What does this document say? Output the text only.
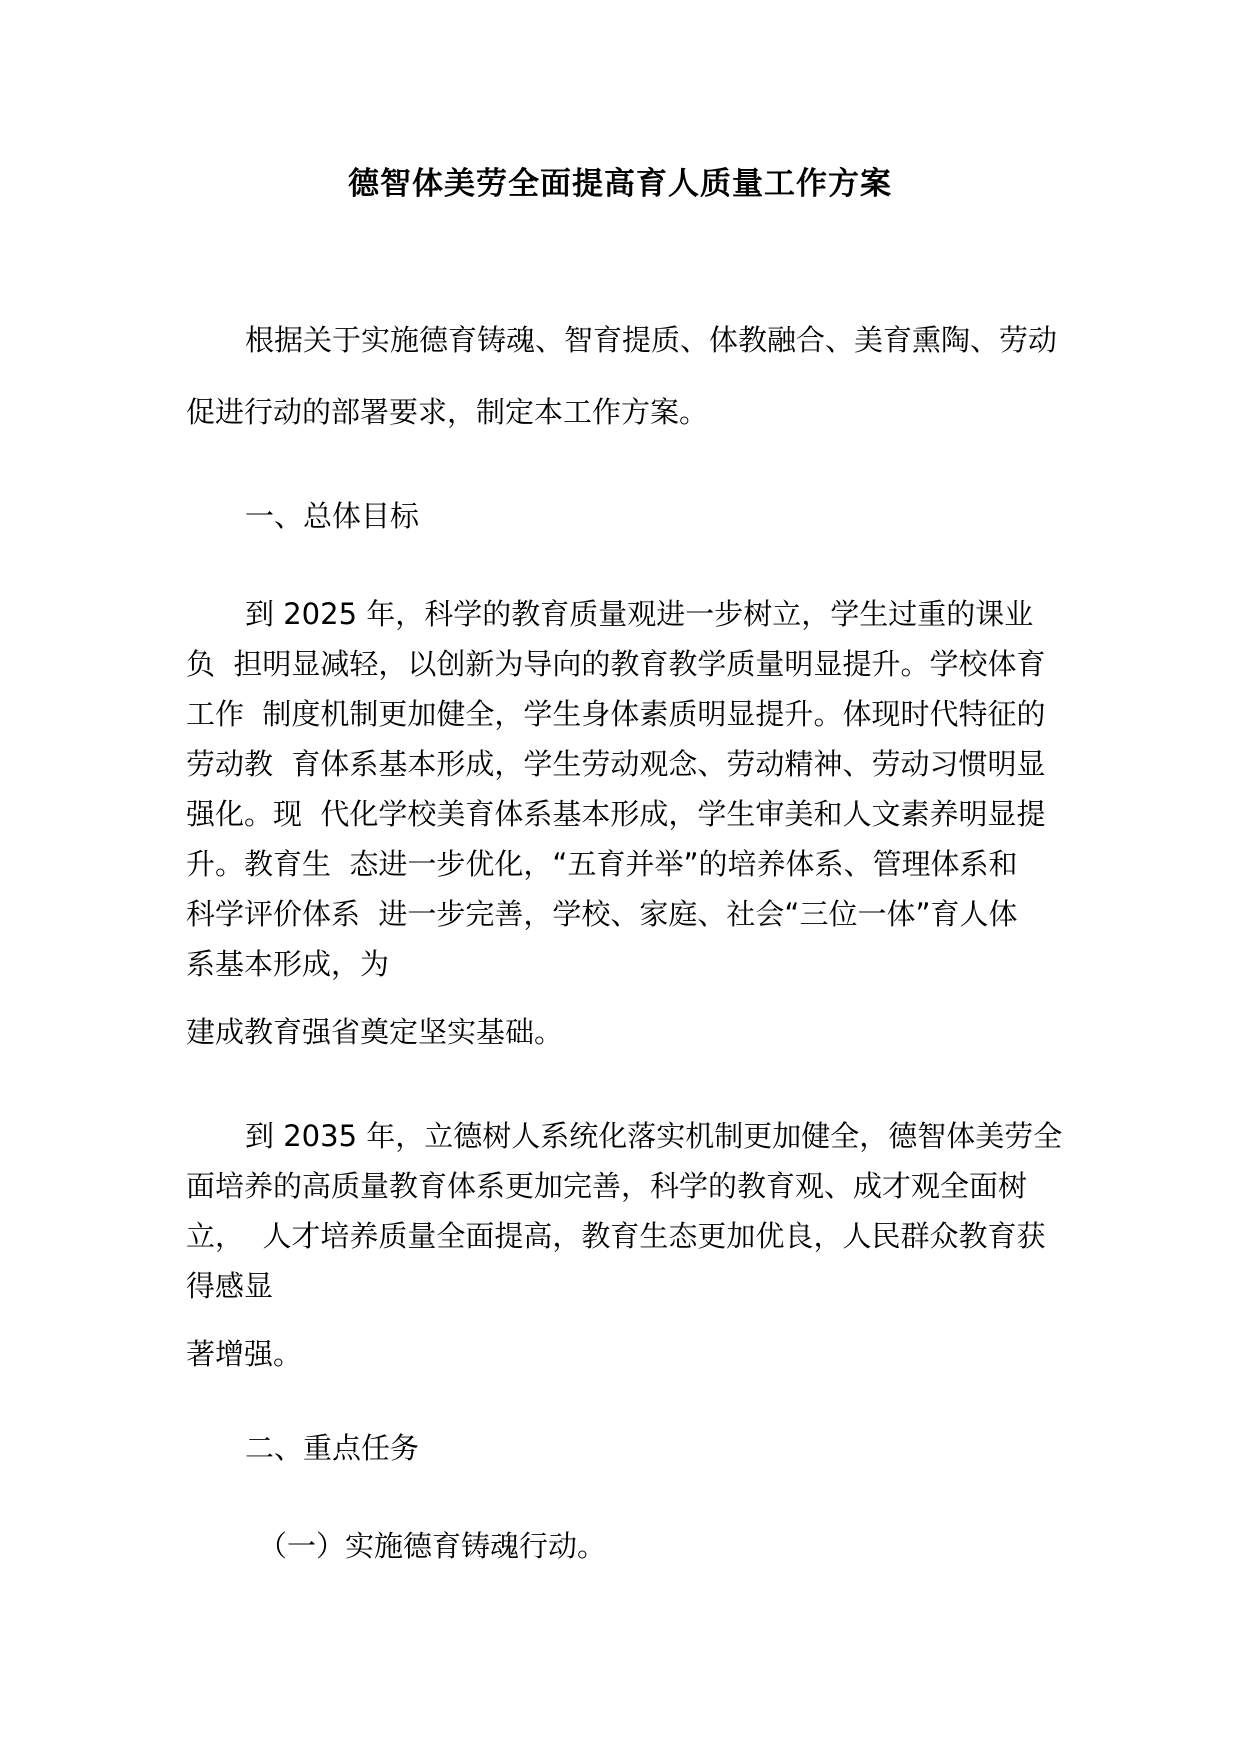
德智体美劳全面提高育人质量工作方案
根据关于实施德育铸魂、智育提质、体教融合、美育熏陶、劳动
促进行动的部署要求，制定本工作方案。
一、总体目标
到 2025 年，科学的教育质量观进一步树立，学生过重的课业
负  担明显减轻，以创新为导向的教育教学质量明显提升。学校体育
工作  制度机制更加健全，学生身体素质明显提升。体现时代特征的
劳动教  育体系基本形成，学生劳动观念、劳动精神、劳动习惯明显
强化。现  代化学校美育体系基本形成，学生审美和人文素养明显提
升。教育生  态进一步优化，“五育并举”的培养体系、管理体系和
科学评价体系  进一步完善，学校、家庭、社会“三位一体”育人体
系基本形成，为
建成教育强省奠定坚实基础。
到 2035 年，立德树人系统化落实机制更加健全，德智体美劳全
面培养的高质量教育体系更加完善，科学的教育观、成才观全面树
立，  人才培养质量全面提高，教育生态更加优良，人民群众教育获
得感显
著增强。
二、重点任务
（一）实施德育铸魂行动。
